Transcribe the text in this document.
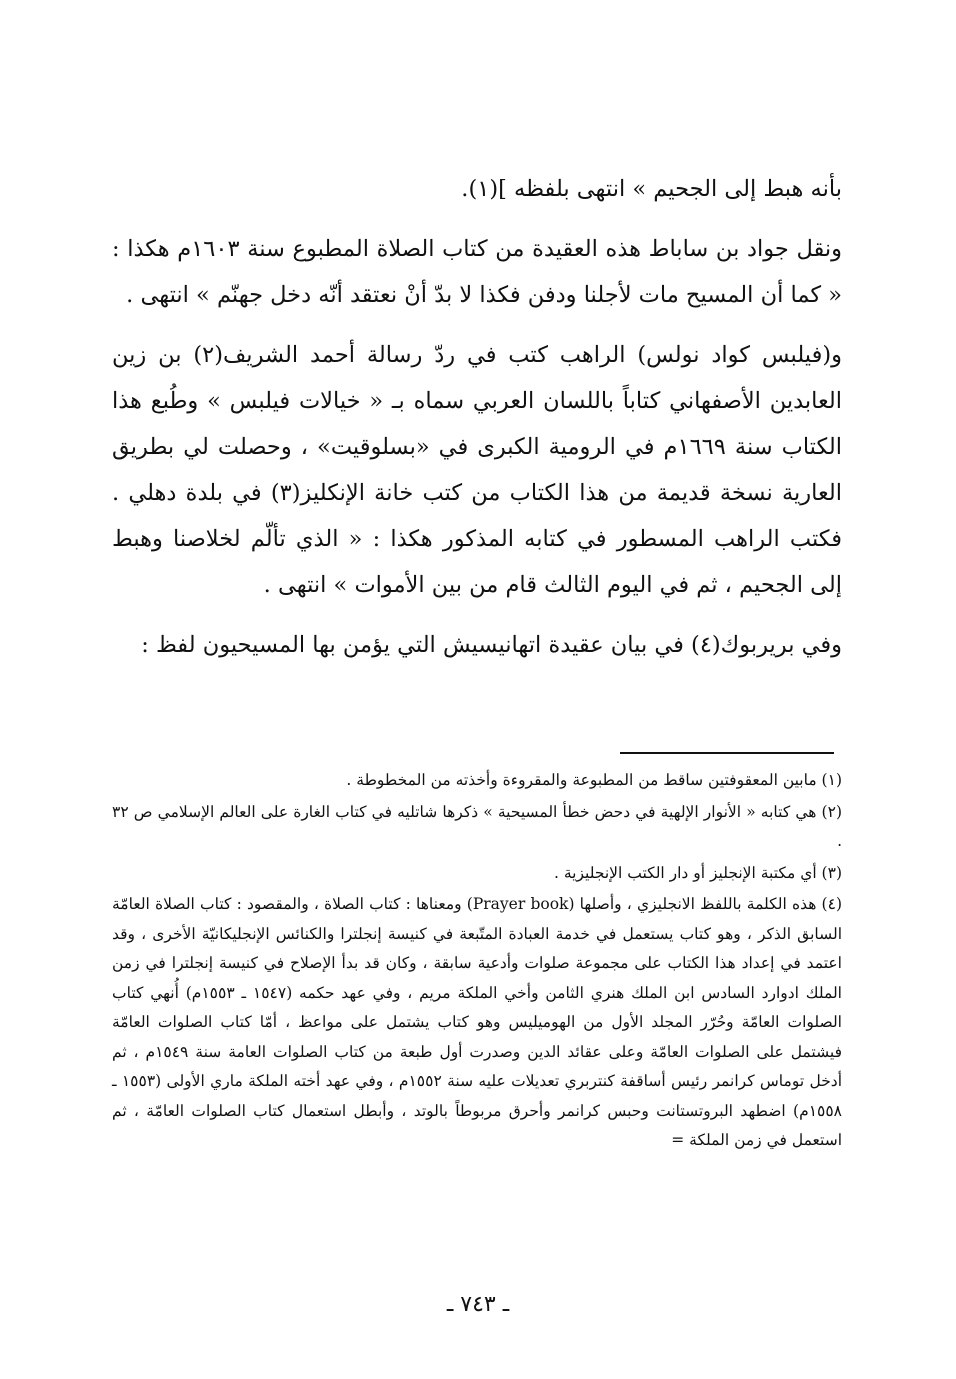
بأنه هبط إلى الجحيم » انتهى بلفظه ](١).

ونقل جواد بن ساباط هذه العقيدة من كتاب الصلاة المطبوع سنة ١٦٠٣م هكذا : « كما أن المسيح مات لأجلنا ودفن فكذا لا بدّ أنْ نعتقد أنّه دخل جهنّم » انتهى .

و(فيلبس كواد نولس) الراهب كتب في ردّ رسالة أحمد الشريف(٢) بن زين العابدين الأصفهاني كتاباً باللسان العربي سماه بـ « خيالات فيلبس » وطُبع هذا الكتاب سنة ١٦٦٩م في الرومية الكبرى في «بسلوقيت» ، وحصلت لي بطريق العارية نسخة قديمة من هذا الكتاب من كتب خانة الإنكليز(٣) في بلدة دهلي . فكتب الراهب المسطور في كتابه المذكور هكذا : « الذي تألّم لخلاصنا وهبط إلى الجحيم ، ثم في اليوم الثالث قام من بين الأموات » انتهى .

وفي بريربوك(٤) في بيان عقيدة اتهانيسيش التي يؤمن بها المسيحيون لفظ :

(١) مابين المعقوفتين ساقط من المطبوعة والمقروءة وأخذته من المخطوطة .

(٢) هي كتابه « الأنوار الإلهية في دحض خطأ المسيحية » ذكرها شاتليه في كتاب الغارة على العالم الإسلامي ص ٣٢ .

(٣) أي مكتبة الإنجليز أو دار الكتب الإنجليزية .

(٤) هذه الكلمة باللفظ الانجليزي ، وأصلها (Prayer book) ومعناها : كتاب الصلاة ، والمقصود : كتاب الصلاة العامّة السابق الذكر ، وهو كتاب يستعمل في خدمة العبادة المتّبعة في كنيسة إنجلترا والكنائس الإنجليكانيّة الأخرى ، وقد اعتمد في إعداد هذا الكتاب على مجموعة صلوات وأدعية سابقة ، وكان قد بدأ الإصلاح في كنيسة إنجلترا في زمن الملك ادوارد السادس ابن الملك هنري الثامن وأخي الملكة مريم ، وفي عهد حكمه (١٥٤٧ ـ ١٥٥٣م) أُنهي كتاب الصلوات العامّة وحُرّر المجلد الأول من الهوميليس وهو كتاب يشتمل على مواعظ ، أمّا كتاب الصلوات العامّة فيشتمل على الصلوات العامّة وعلى عقائد الدين وصدرت أول طبعة من كتاب الصلوات العامة سنة ١٥٤٩م ، ثم أدخل توماس كرانمر رئيس أساقفة كنتربري تعديلات عليه سنة ١٥٥٢م ، وفي عهد أخته الملكة ماري الأولى (١٥٥٣ ـ ١٥٥٨م) اضطهد البروتستانت وحبس كرانمر وأحرق مربوطاً بالوتد ، وأبطل استعمال كتاب الصلوات العامّة ، ثم استعمل في زمن الملكة =

ـ ٧٤٣ ـ
